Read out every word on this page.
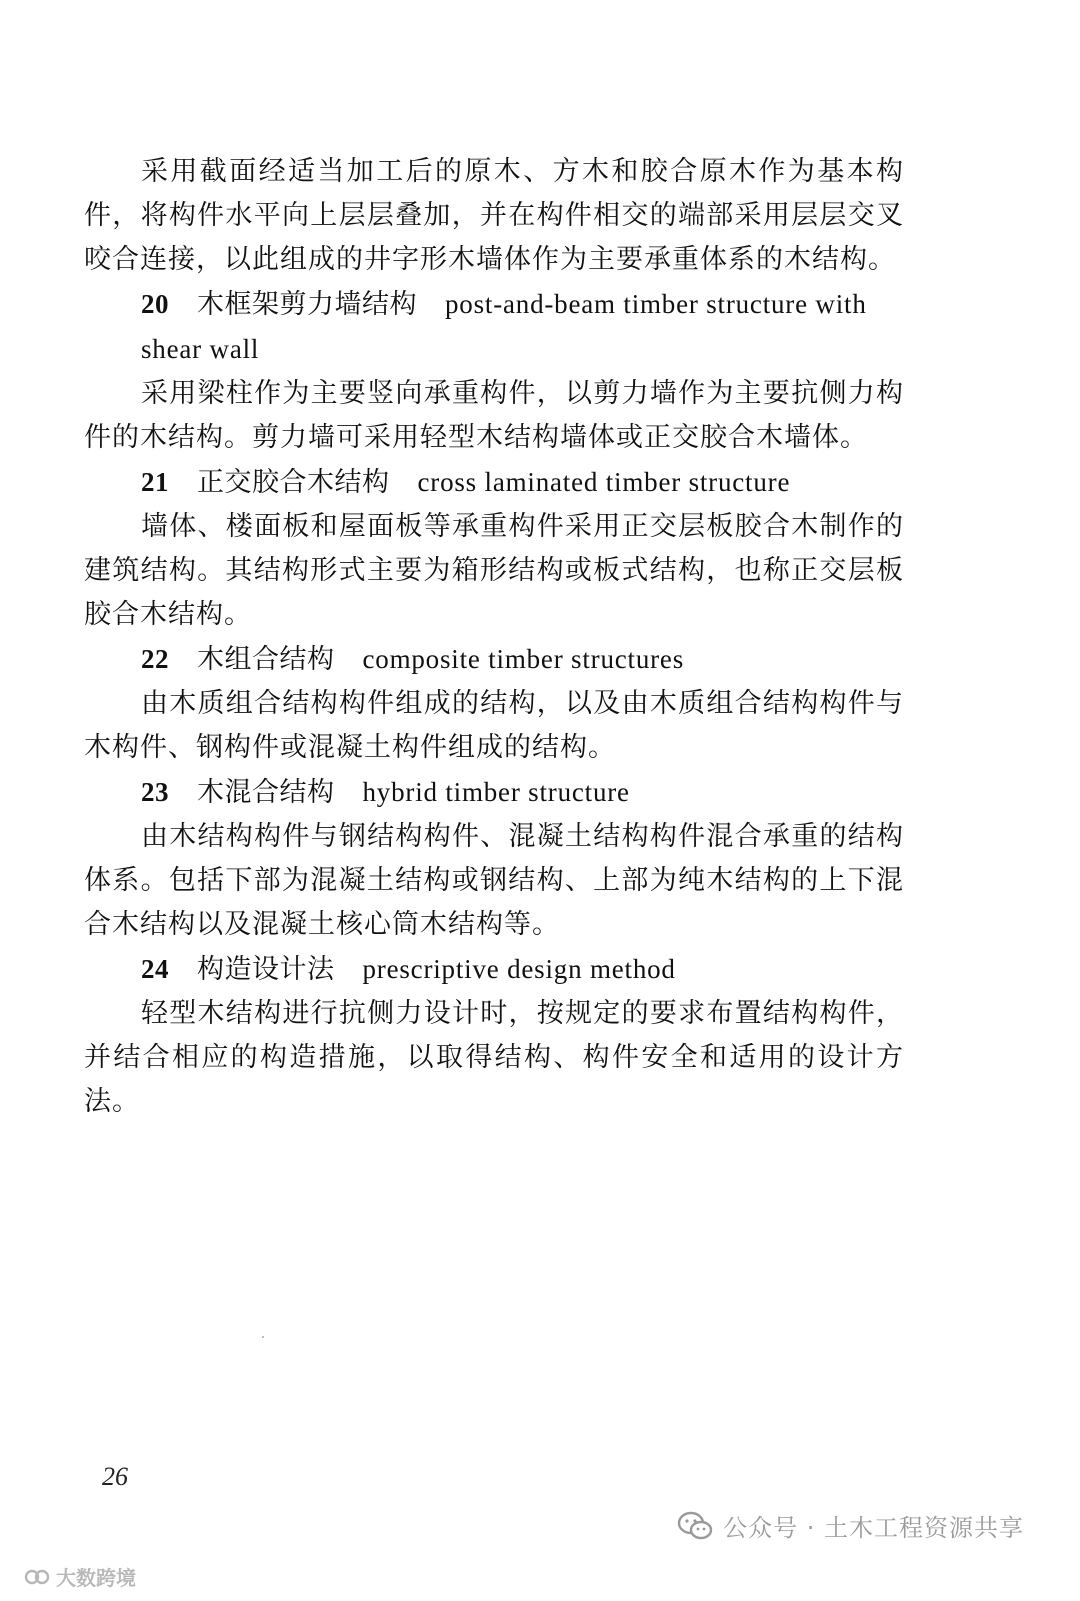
采用截面经适当加工后的原木、方木和胶合原木作为基本构件，将构件水平向上层层叠加，并在构件相交的端部采用层层交叉咬合连接，以此组成的井字形木墙体作为主要承重体系的木结构。

20 木框架剪力墙结构 post-and-beam timber structure with shear wall

采用梁柱作为主要竖向承重构件，以剪力墙作为主要抗侧力构件的木结构。剪力墙可采用轻型木结构墙体或正交胶合木墙体。

21 正交胶合木结构 cross laminated timber structure

墙体、楼面板和屋面板等承重构件采用正交层板胶合木制作的建筑结构。其结构形式主要为箱形结构或板式结构，也称正交层板胶合木结构。

22 木组合结构 composite timber structures

由木质组合结构构件组成的结构，以及由木质组合结构构件与木构件、钢构件或混凝土构件组成的结构。

23 木混合结构 hybrid timber structure

由木结构构件与钢结构构件、混凝土结构构件混合承重的结构体系。包括下部为混凝土结构或钢结构、上部为纯木结构的上下混合木结构以及混凝土核心筒木结构等。

24 构造设计法 prescriptive design method

轻型木结构进行抗侧力设计时，按规定的要求布置结构构件，并结合相应的构造措施，以取得结构、构件安全和适用的设计方法。

26
公众号 · 土木工程资源共享
大数跨境
